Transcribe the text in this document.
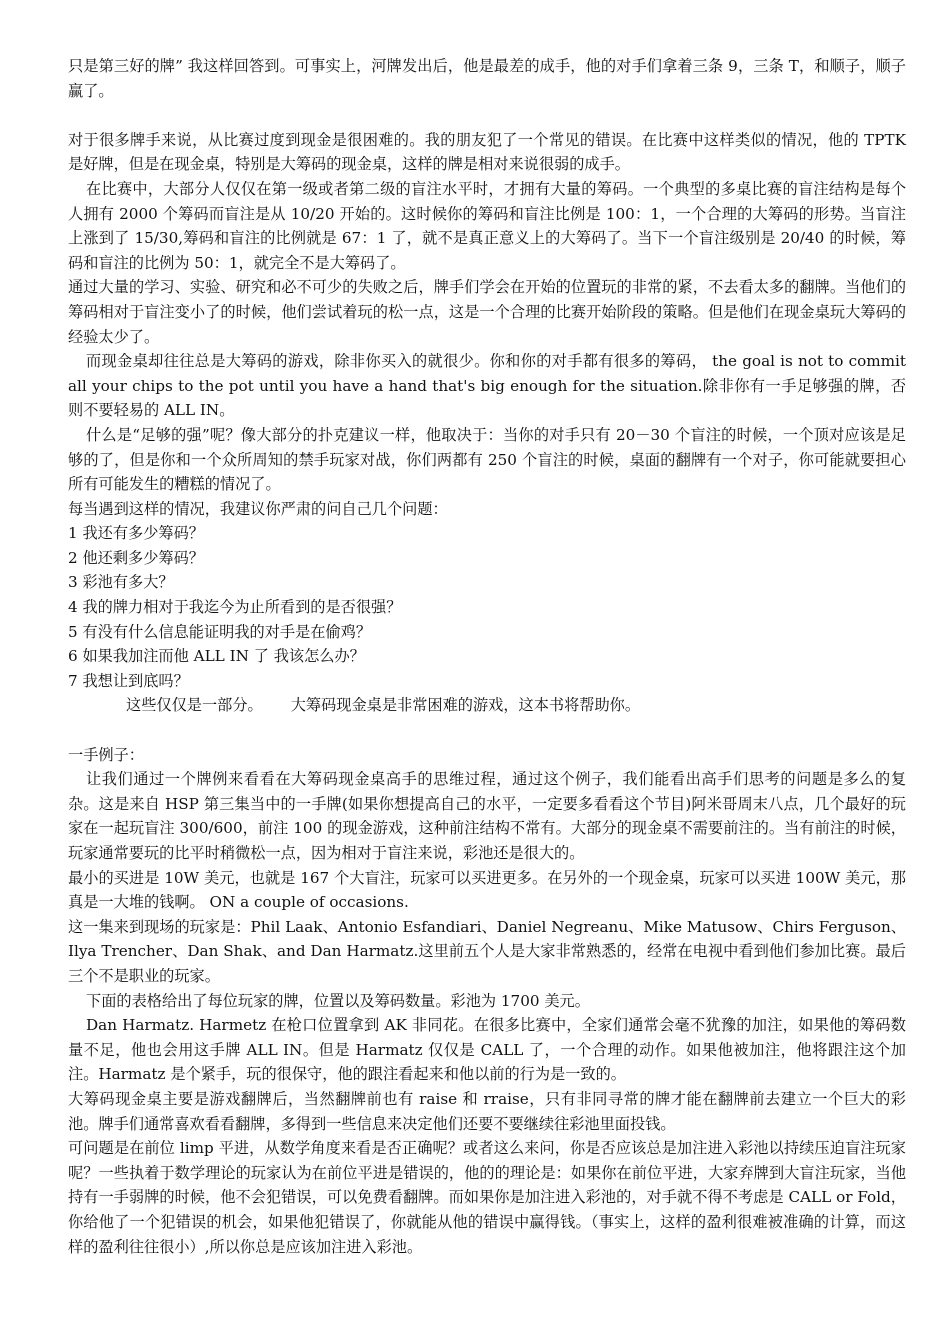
只是第三好的牌” 我这样回答到。可事实上，河牌发出后，他是最差的成手，他的对手们拿着三条 9，三条 T，和顺子，顺子赢了。

对于很多牌手来说，从比赛过度到现金是很困难的。我的朋友犯了一个常见的错误。在比赛中这样类似的情况，他的 TPTK 是好牌，但是在现金桌，特别是大筹码的现金桌，这样的牌是相对来说很弱的成手。

在比赛中，大部分人仅仅在第一级或者第二级的盲注水平时，才拥有大量的筹码。一个典型的多桌比赛的盲注结构是每个人拥有 2000 个筹码而盲注是从 10/20 开始的。这时候你的筹码和盲注比例是 100：1，一个合理的大筹码的形势。当盲注上涨到了 15/30,筹码和盲注的比例就是 67：1 了，就不是真正意义上的大筹码了。当下一个盲注级别是 20/40 的时候，筹码和盲注的比例为 50：1，就完全不是大筹码了。

通过大量的学习、实验、研究和必不可少的失败之后，牌手们学会在开始的位置玩的非常的紧，不去看太多的翻牌。当他们的筹码相对于盲注变小了的时候，他们尝试着玩的松一点，这是一个合理的比赛开始阶段的策略。但是他们在现金桌玩大筹码的经验太少了。

而现金桌却往往总是大筹码的游戏，除非你买入的就很少。你和你的对手都有很多的筹码， the goal is not to commit all your chips to the pot until you have a hand that's big enough for the situation.除非你有一手足够强的牌，否则不要轻易的 ALL IN。

什么是“足够的强”呢？像大部分的扑克建议一样，他取决于：当你的对手只有 20－30 个盲注的时候，一个顶对应该是足够的了，但是你和一个众所周知的禁手玩家对战，你们两都有 250 个盲注的时候，桌面的翻牌有一个对子，你可能就要担心所有可能发生的糟糕的情况了。

每当遇到这样的情况，我建议你严肃的问自己几个问题：

1 我还有多少筹码？

2 他还剩多少筹码？

3 彩池有多大？

4 我的牌力相对于我迄今为止所看到的是否很强？

5 有没有什么信息能证明我的对手是在偷鸡？

6 如果我加注而他 ALL IN 了 我该怎么办？

7 我想让到底吗？

这些仅仅是一部分。 大筹码现金桌是非常困难的游戏，这本书将帮助你。

一手例子：

让我们通过一个牌例来看看在大筹码现金桌高手的思维过程，通过这个例子，我们能看出高手们思考的问题是多么的复杂。这是来自 HSP 第三集当中的一手牌(如果你想提高自己的水平，一定要多看看这个节目)阿米哥周末八点，几个最好的玩家在一起玩盲注 300/600，前注 100 的现金游戏，这种前注结构不常有。大部分的现金桌不需要前注的。当有前注的时候，玩家通常要玩的比平时稍微松一点，因为相对于盲注来说，彩池还是很大的。

最小的买进是 10W 美元，也就是 167 个大盲注，玩家可以买进更多。在另外的一个现金桌，玩家可以买进 100W 美元，那真是一大堆的钱啊。 ON a couple of occasions.

这一集来到现场的玩家是：Phil Laak、Antonio Esfandiari、Daniel Negreanu、Mike Matusow、Chirs Ferguson、Ilya Trencher、Dan Shak、and Dan Harmatz.这里前五个人是大家非常熟悉的，经常在电视中看到他们参加比赛。最后三个不是职业的玩家。

下面的表格给出了每位玩家的牌，位置以及筹码数量。彩池为 1700 美元。

Dan Harmatz. Harmetz 在枪口位置拿到 AK 非同花。在很多比赛中，全家们通常会毫不犹豫的加注，如果他的筹码数量不足，他也会用这手牌 ALL IN。但是 Harmatz 仅仅是 CALL 了，一个合理的动作。如果他被加注，他将跟注这个加注。Harmatz 是个紧手，玩的很保守，他的跟注看起来和他以前的行为是一致的。

大筹码现金桌主要是游戏翻牌后，当然翻牌前也有 raise 和 rraise，只有非同寻常的牌才能在翻牌前去建立一个巨大的彩池。牌手们通常喜欢看看翻牌，多得到一些信息来决定他们还要不要继续往彩池里面投钱。

可问题是在前位 limp 平进，从数学角度来看是否正确呢？或者这么来问，你是否应该总是加注进入彩池以持续压迫盲注玩家呢？一些执着于数学理论的玩家认为在前位平进是错误的，他的的理论是：如果你在前位平进，大家弃牌到大盲注玩家，当他持有一手弱牌的时候，他不会犯错误，可以免费看翻牌。而如果你是加注进入彩池的，对手就不得不考虑是 CALL or Fold，你给他了一个犯错误的机会，如果他犯错误了，你就能从他的错误中赢得钱。（事实上，这样的盈利很难被准确的计算，而这样的盈利往往很小）,所以你总是应该加注进入彩池。
